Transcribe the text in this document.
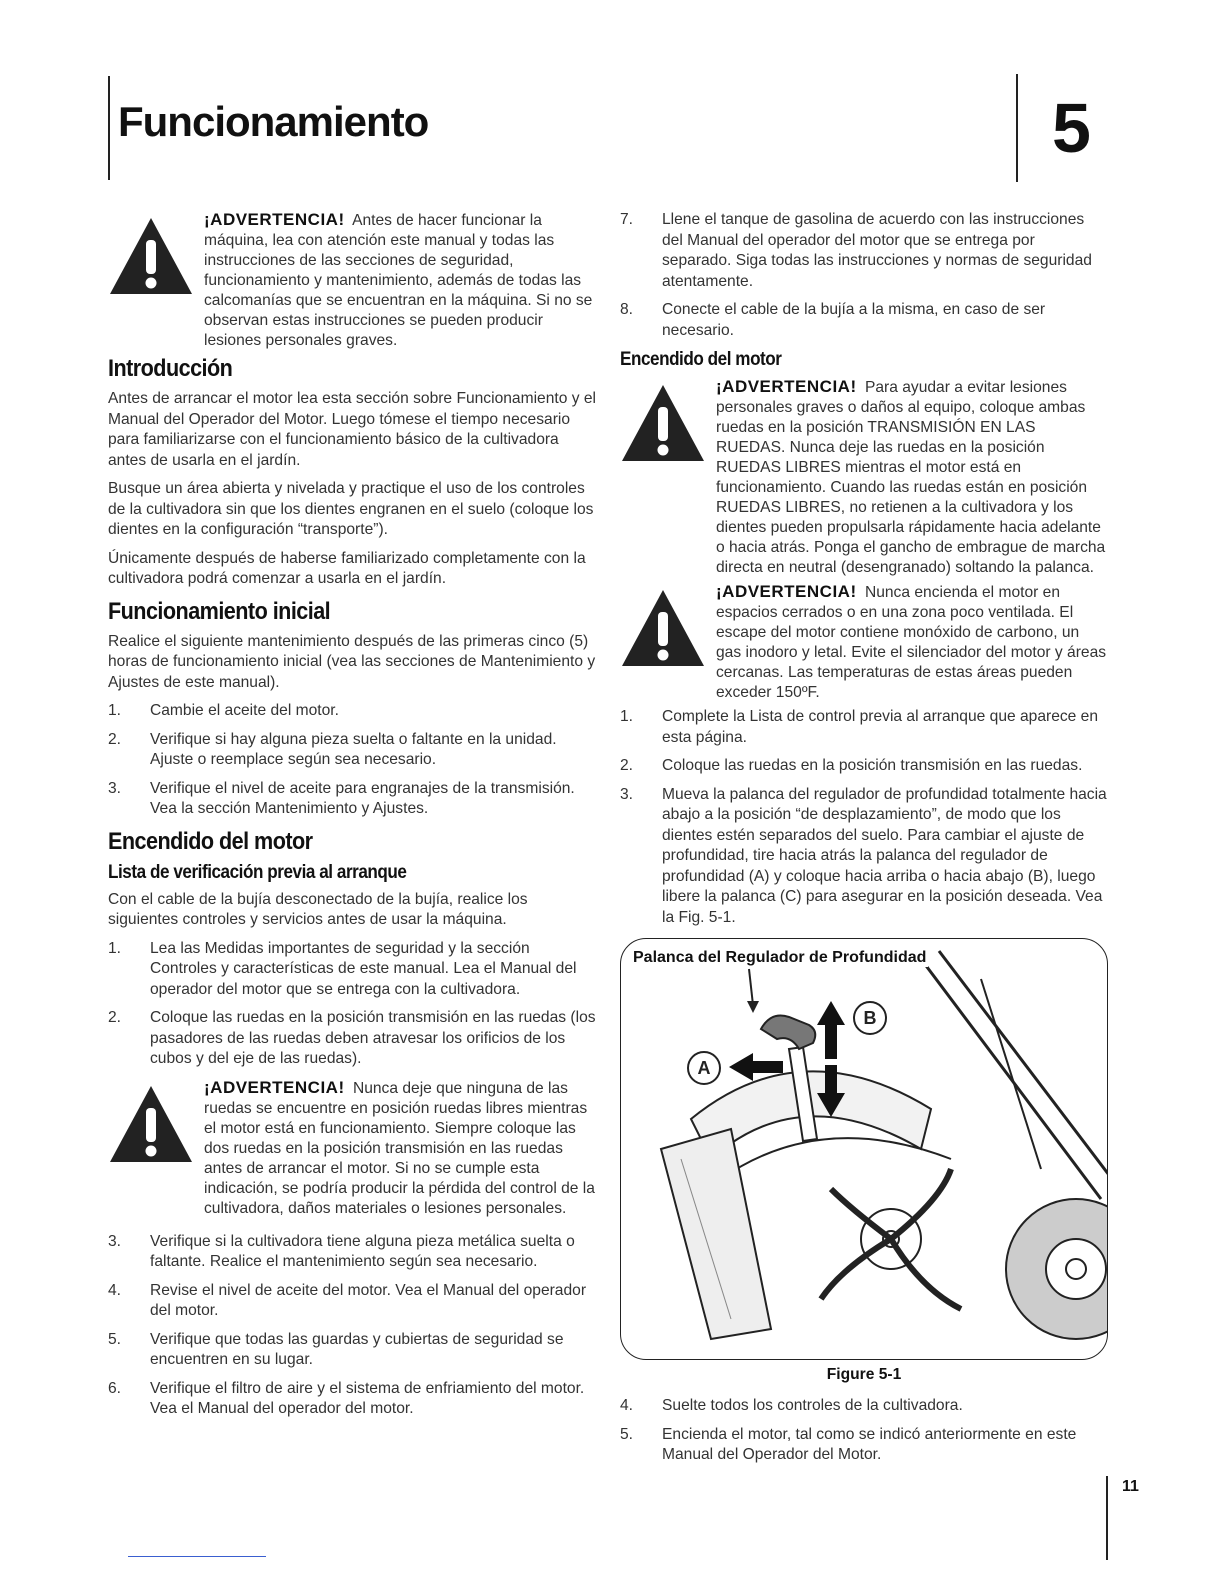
Funcionamiento	5
¡ADVERTENCIA! Antes de hacer funcionar la máquina, lea con atención este manual y todas las instrucciones de las secciones de seguridad, funcionamiento y mantenimiento, además de todas las calcomanías que se encuentran en la máquina. Si no se observan estas instrucciones se pueden producir lesiones personales graves.
Introducción

Antes de arrancar el motor lea esta sección sobre Funcionamiento y el Manual del Operador del Motor. Luego tómese el tiempo necesario para familiarizarse con el funcionamiento básico de la cultivadora antes de usarla en el jardín.

Busque un área abierta y nivelada y practique el uso de los controles de la cultivadora sin que los dientes engranen en el suelo (coloque los dientes en la configuración “transporte”).

Únicamente después de haberse familiarizado completamente con la cultivadora podrá comenzar a usarla en el jardín.

Funcionamiento inicial

Realice el siguiente mantenimiento después de las primeras cinco (5) horas de funcionamiento inicial (vea las secciones de Mantenimiento y Ajustes de este manual).

1. Cambie el aceite del motor.
2. Verifique si hay alguna pieza suelta o faltante en la unidad. Ajuste o reemplace según sea necesario.
3. Verifique el nivel de aceite para engranajes de la transmisión. Vea la sección Mantenimiento y Ajustes.
Encendido del motor
Lista de verificación previa al arranque

Con el cable de la bujía desconectado de la bujía, realice los siguientes controles y servicios antes de usar la máquina.

1. Lea las Medidas importantes de seguridad y la sección Controles y características de este manual. Lea el Manual del operador del motor que se entrega con la cultivadora.
2. Coloque las ruedas en la posición transmisión en las ruedas (los pasadores de las ruedas deben atravesar los orificios de los cubos y del eje de las ruedas).
¡ADVERTENCIA! Nunca deje que ninguna de las ruedas se encuentre en posición ruedas libres mientras el motor está en funcionamiento. Siempre coloque las dos ruedas en la posición transmisión en las ruedas antes de arrancar el motor. Si no se cumple esta indicación, se podría producir la pérdida del control de la cultivadora, daños materiales o lesiones personales.
3. Verifique si la cultivadora tiene alguna pieza metálica suelta o faltante. Realice el mantenimiento según sea necesario.
4. Revise el nivel de aceite del motor. Vea el Manual del operador del motor.
5. Verifique que todas las guardas y cubiertas de seguridad se encuentren en su lugar.
6. Verifique el filtro de aire y el sistema de enfriamiento del motor. Vea el Manual del operador del motor.
7. Llene el tanque de gasolina de acuerdo con las instrucciones del Manual del operador del motor que se entrega por separado. Siga todas las instrucciones y normas de seguridad atentamente.
8. Conecte el cable de la bujía a la misma, en caso de ser necesario.
Encendido del motor
¡ADVERTENCIA! Para ayudar a evitar lesiones personales graves o daños al equipo, coloque ambas ruedas en la posición TRANSMISIÓN EN LAS RUEDAS. Nunca deje las ruedas en la posición RUEDAS LIBRES mientras el motor está en funcionamiento. Cuando las ruedas están en posición RUEDAS LIBRES, no retienen a la cultivadora y los dientes pueden propulsarla rápidamente hacia adelante o hacia atrás. Ponga el gancho de embrague de marcha directa en neutral (desengranado) soltando la palanca.
¡ADVERTENCIA! Nunca encienda el motor en espacios cerrados o en una zona poco ventilada. El escape del motor contiene monóxido de carbono, un gas inodoro y letal. Evite el silenciador del motor y áreas cercanas. Las temperaturas de estas áreas pueden exceder 150ºF.
1. Complete la Lista de control previa al arranque que aparece en esta página.
2. Coloque las ruedas en la posición transmisión en las ruedas.
3. Mueva la palanca del regulador de profundidad totalmente hacia abajo a la posición “de desplazamiento”, de modo que los dientes estén separados del suelo. Para cambiar el ajuste de profundidad, tire hacia atrás la palanca del regulador de profundidad (A) y coloque hacia arriba o hacia abajo (B), luego libere la palanca (C) para asegurar en la posición deseada. Vea la Fig. 5-1.
Palanca del Regulador de Profundidad
A
B
Figure 5-1
4. Suelte todos los controles de la cultivadora.
5. Encienda el motor, tal como se indicó anteriormente en este Manual del Operador del Motor.
11
